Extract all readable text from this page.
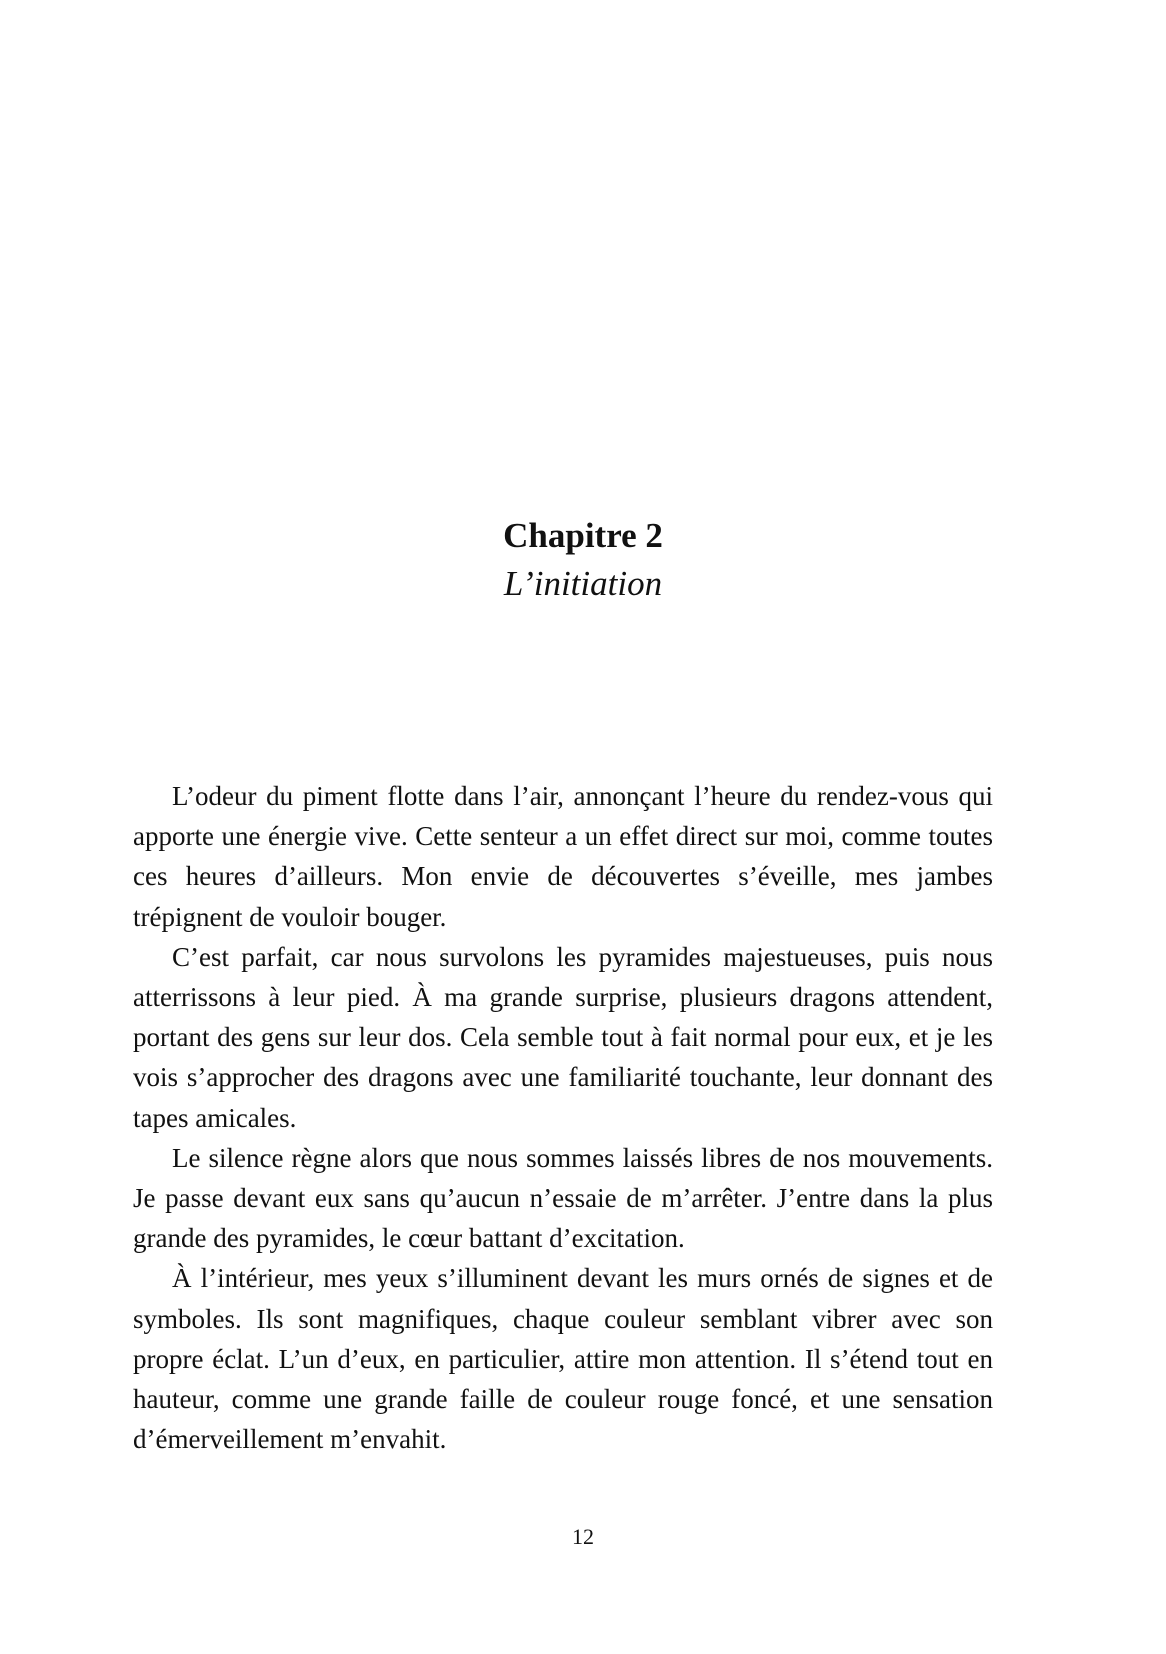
Chapitre 2
L’initiation

L’odeur du piment flotte dans l’air, annonçant l’heure du rendez-vous qui apporte une énergie vive. Cette senteur a un effet direct sur moi, comme toutes ces heures d’ailleurs. Mon envie de découvertes s’éveille, mes jambes trépignent de vouloir bouger.

C’est parfait, car nous survolons les pyramides majestueuses, puis nous atterrissons à leur pied. À ma grande surprise, plusieurs dragons attendent, portant des gens sur leur dos. Cela semble tout à fait normal pour eux, et je les vois s’approcher des dragons avec une familiarité touchante, leur donnant des tapes amicales.

Le silence règne alors que nous sommes laissés libres de nos mouvements. Je passe devant eux sans qu’aucun n’essaie de m’arrêter. J’entre dans la plus grande des pyramides, le cœur battant d’excitation.

À l’intérieur, mes yeux s’illuminent devant les murs ornés de signes et de symboles. Ils sont magnifiques, chaque couleur semblant vibrer avec son propre éclat. L’un d’eux, en particulier, attire mon attention. Il s’étend tout en hauteur, comme une grande faille de couleur rouge foncé, et une sensation d’émerveillement m’envahit.

12
